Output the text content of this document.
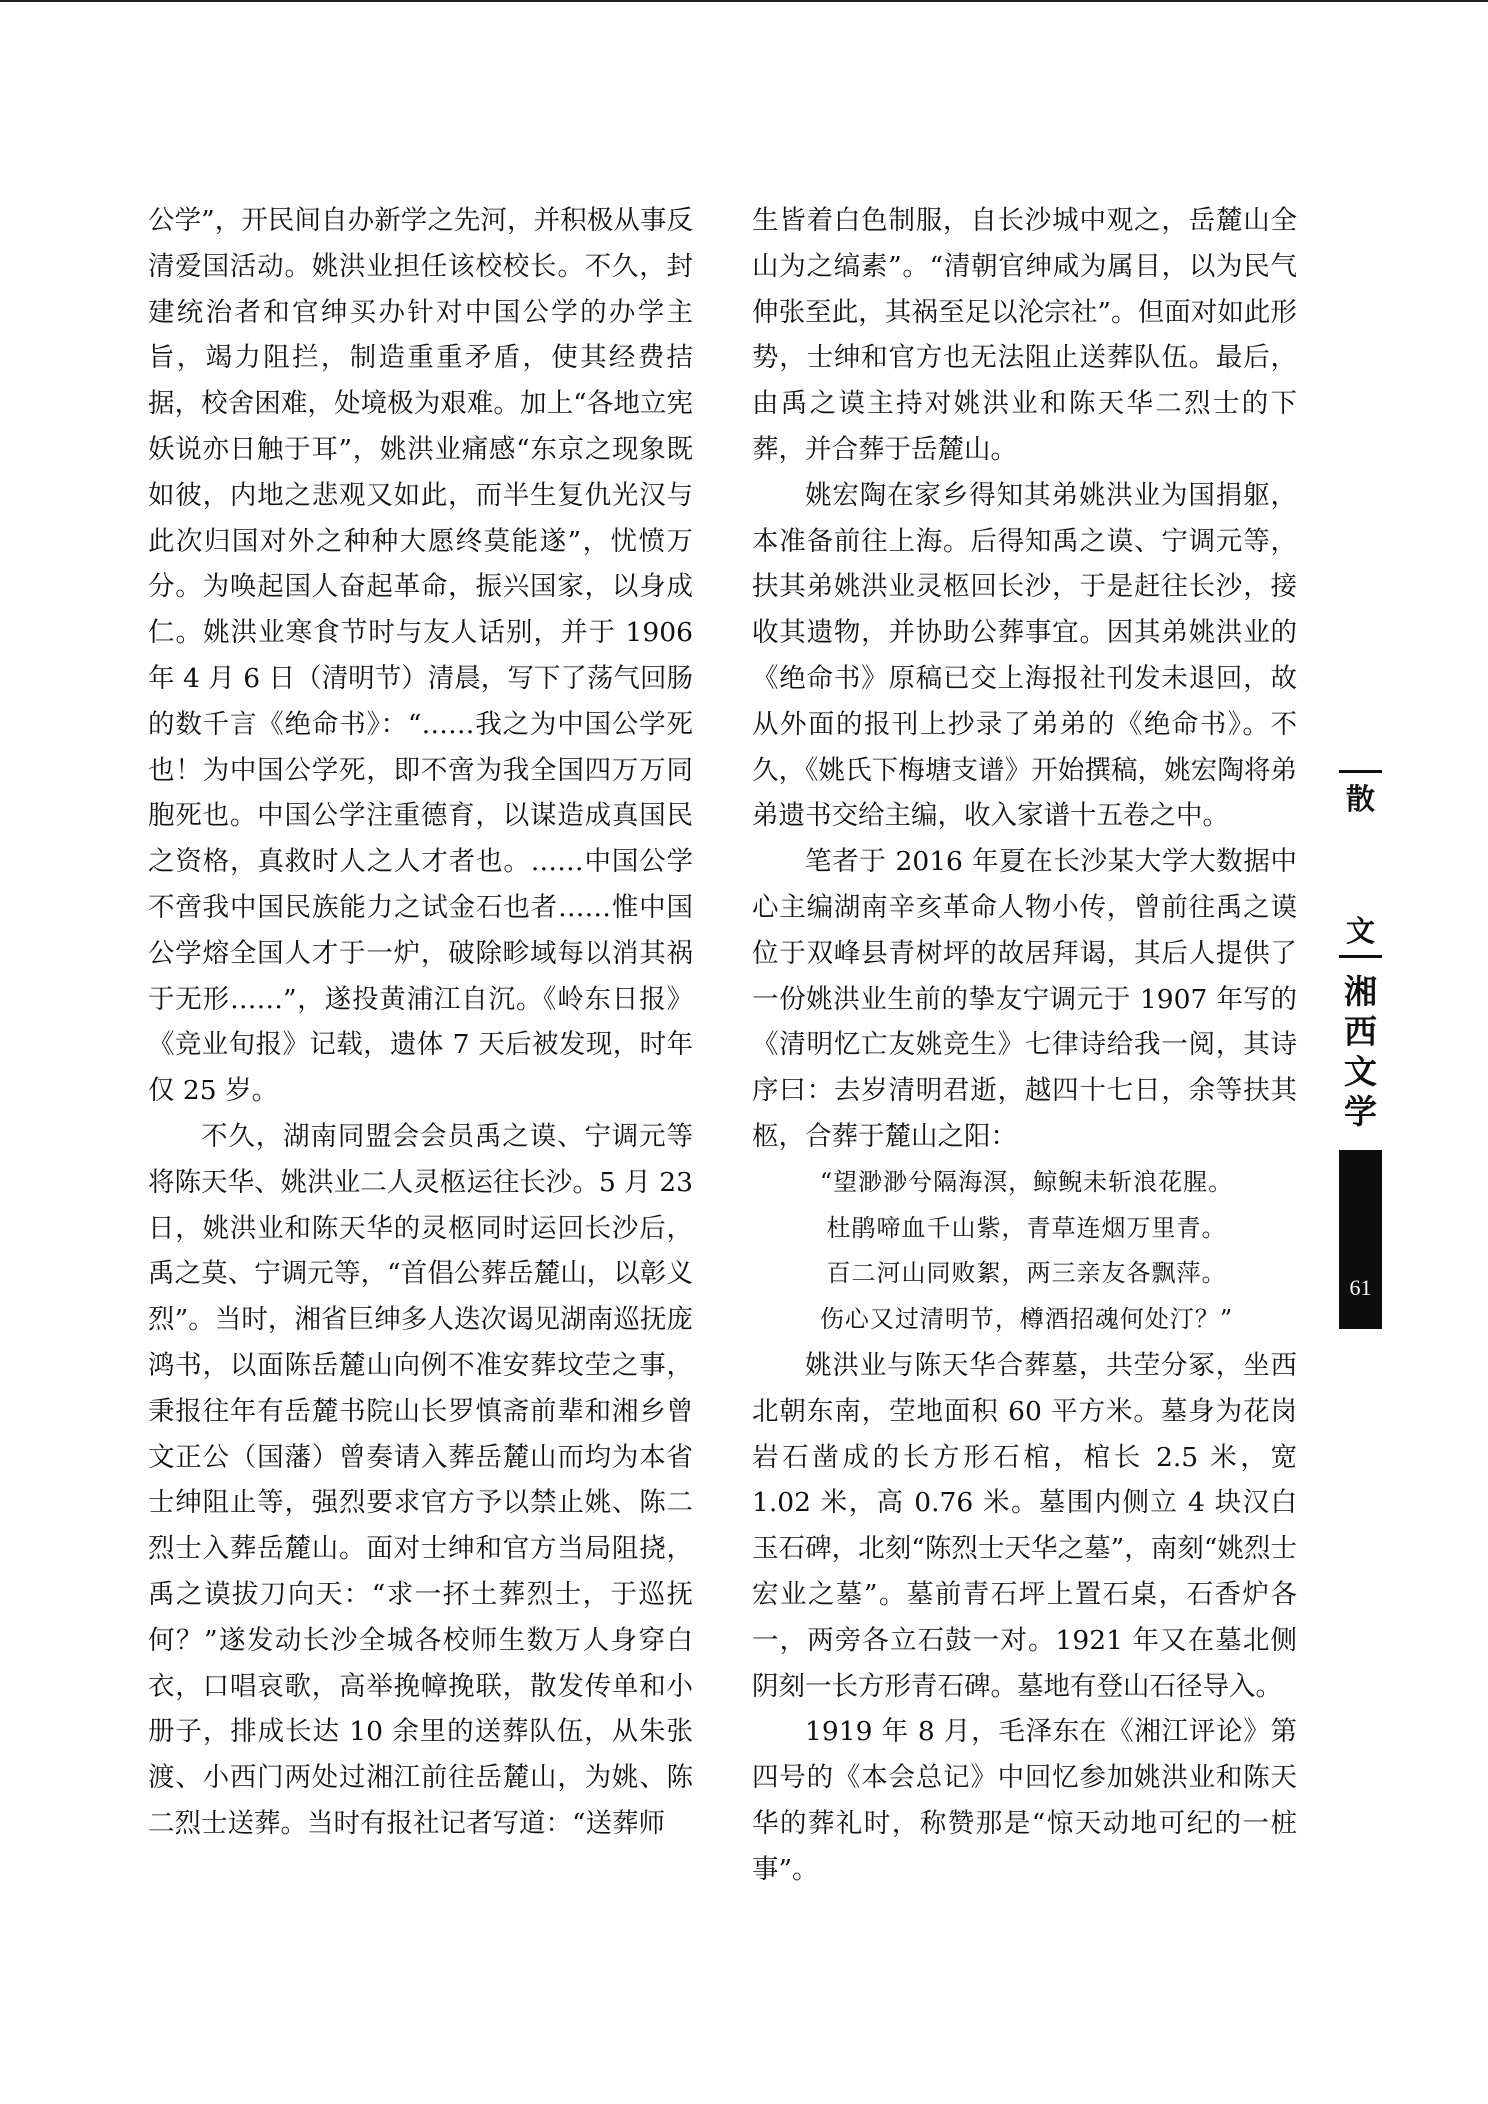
公学”，开民间自办新学之先河，并积极从事反清爱国活动。姚洪业担任该校校长。不久，封建统治者和官绅买办针对中国公学的办学主旨，竭力阻拦，制造重重矛盾，使其经费拮据，校舍困难，处境极为艰难。加上“各地立宪妖说亦日触于耳”，姚洪业痛感“东京之现象既如彼，内地之悲观又如此，而半生复仇光汉与此次归国对外之种种大愿终莫能遂”，忧愤万分。为唤起国人奋起革命，振兴国家，以身成仁。姚洪业寒食节时与友人话别，并于 1906 年 4 月 6 日（清明节）清晨，写下了荡气回肠的数千言《绝命书》：“……我之为中国公学死也！为中国公学死，即不啻为我全国四万万同胞死也。中国公学注重德育，以谋造成真国民之资格，真救时人之人才者也。……中国公学不啻我中国民族能力之试金石也者……惟中国公学熔全国人才于一炉，破除畛域每以消其祸于无形……”，遂投黄浦江自沉。《岭东日报》《竞业旬报》记载，遗体 7 天后被发现，时年仅 25 岁。

不久，湖南同盟会会员禹之谟、宁调元等将陈天华、姚洪业二人灵柩运往长沙。5 月 23 日，姚洪业和陈天华的灵柩同时运回长沙后，禹之莫、宁调元等，“首倡公葬岳麓山，以彰义烈”。当时，湘省巨绅多人迭次谒见湖南巡抚庞鸿书，以面陈岳麓山向例不准安葬坟茔之事，秉报往年有岳麓书院山长罗慎斋前辈和湘乡曾文正公（国藩）曾奏请入葬岳麓山而均为本省士绅阻止等，强烈要求官方予以禁止姚、陈二烈士入葬岳麓山。面对士绅和官方当局阻挠，禹之谟拔刀向天：“求一抔土葬烈士，于巡抚何？”遂发动长沙全城各校师生数万人身穿白衣，口唱哀歌，高举挽幛挽联，散发传单和小册子，排成长达 10 余里的送葬队伍，从朱张渡、小西门两处过湘江前往岳麓山，为姚、陈二烈士送葬。当时有报社记者写道：“送葬师

生皆着白色制服，自长沙城中观之，岳麓山全山为之缟素”。“清朝官绅咸为属目，以为民气伸张至此，其祸至足以沦宗社”。但面对如此形势，士绅和官方也无法阻止送葬队伍。最后，由禹之谟主持对姚洪业和陈天华二烈士的下葬，并合葬于岳麓山。

姚宏陶在家乡得知其弟姚洪业为国捐躯，本准备前往上海。后得知禹之谟、宁调元等，扶其弟姚洪业灵柩回长沙，于是赶往长沙，接收其遗物，并协助公葬事宜。因其弟姚洪业的《绝命书》原稿已交上海报社刊发未退回，故从外面的报刊上抄录了弟弟的《绝命书》。不久，《姚氏下梅塘支谱》开始撰稿，姚宏陶将弟弟遗书交给主编，收入家谱十五卷之中。

笔者于 2016 年夏在长沙某大学大数据中心主编湖南辛亥革命人物小传，曾前往禹之谟位于双峰县青树坪的故居拜谒，其后人提供了一份姚洪业生前的挚友宁调元于 1907 年写的《清明忆亡友姚竞生》七律诗给我一阅，其诗序曰：去岁清明君逝，越四十七日，余等扶其柩，合葬于麓山之阳：

“望渺渺兮隔海溟，鲸鲵未斩浪花腥。
杜鹃啼血千山紫，青草连烟万里青。
百二河山同败絮，两三亲友各飘萍。
伤心又过清明节，樽酒招魂何处汀？”

姚洪业与陈天华合葬墓，共茔分冢，坐西北朝东南，茔地面积 60 平方米。墓身为花岗岩石凿成的长方形石棺，棺长 2.5 米，宽 1.02 米，高 0.76 米。墓围内侧立 4 块汉白玉石碑，北刻“陈烈士天华之墓”，南刻“姚烈士宏业之墓”。墓前青石坪上置石桌，石香炉各一，两旁各立石鼓一对。1921 年又在墓北侧阴刻一长方形青石碑。墓地有登山石径导入。

1919 年 8 月，毛泽东在《湘江评论》第四号的《本会总记》中回忆参加姚洪业和陈天华的葬礼时，称赞那是“惊天动地可纪的一桩事”。

散
文
湘
西
文
学
61
